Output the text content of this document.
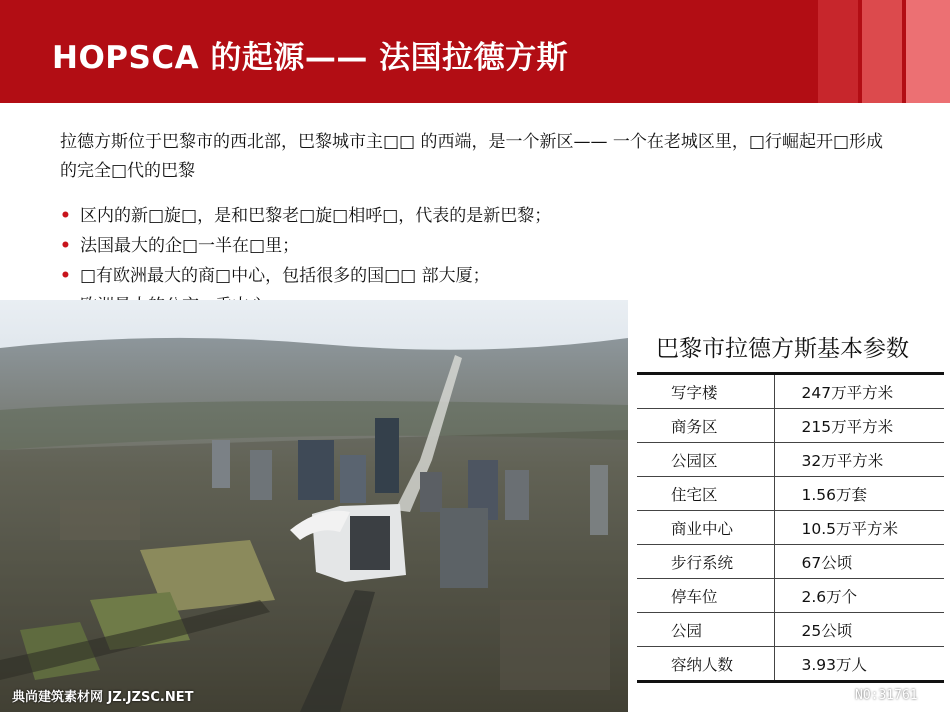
HOPSCA 的起源—— 法国拉德方斯
拉德方斯位于巴黎市的西北部，巴黎城市主□□ 的西端，是一个新区—— 一个在老城区里，□行崛起开□形成的完全□代的巴黎
• 区内的新□旋□，是和巴黎老□旋□相呼□，代表的是新巴黎；
• 法国最大的企□一半在□里；
• □有欧洲最大的商□中心，包括很多的国□□ 部大厦；
巴黎市拉德方斯基本参数
写字楼	247万平方米
商务区	215万平方米
公园区	32万平方米
住宅区	1.56万套
商业中心	10.5万平方米
步行系统	67公顷
停车位	2.6万个
公园	25公顷
容纳人数	3.93万人
典尚建筑素材网 JZ.JZSC.NET	NO:31761
